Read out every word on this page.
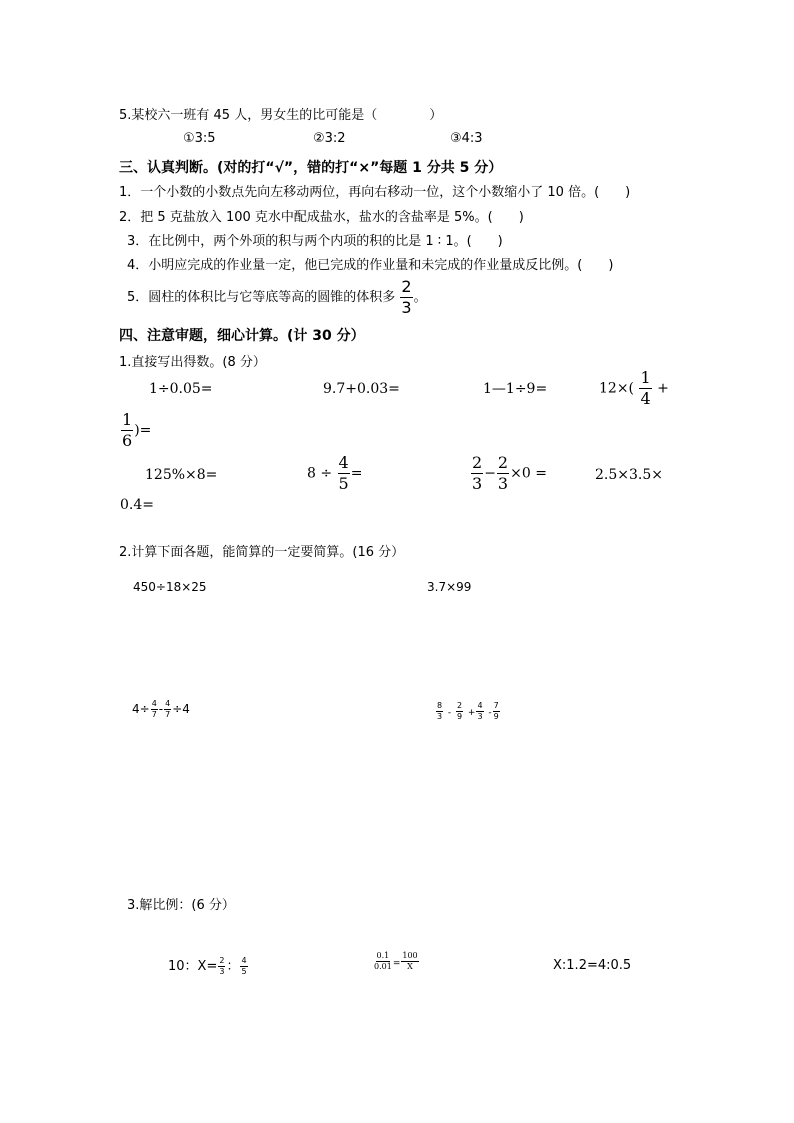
5.某校六一班有 45 人，男女生的比可能是（　　　　）
①3:5	②3:2	③4:3
三、认真判断。(对的打“√”，错的打“×”每题 1 分共 5 分）
1．一个小数的小数点先向左移动两位，再向右移动一位，这个小数缩小了 10 倍。(　　)
2．把 5 克盐放入 100 克水中配成盐水，盐水的含盐率是 5%。(　　)
3．在比例中，两个外项的积与两个内项的积的比是 1 ∶ 1。(　　)
4．小明应完成的作业量一定，他已完成的作业量和未完成的作业量成反比例。(　　)
5．圆柱的体积比与它等底等高的圆锥的体积多 $\frac{2}{3}$ 。
四、注意审题，细心计算。(计 30 分）
1.直接写出得数。(8 分）
1÷0.05=	9.7+0.03=	1—1÷9=	$12\times( \frac{1}{4}$ +
$\frac{1}{6}$ )=
125%×8=	$8 \div \frac{4}{5}$ =	$\frac{2}{3} - \frac{2}{3} \times 0$ =	2.5×3.5×
0.4=
2.计算下面各题，能简算的一定要简算。(16 分）
450÷18×25	3.7×99
$4\div \frac{4}{7} - \frac{4}{7} \div 4$	$\frac{8}{3} - \frac{2}{9} + \frac{4}{3} - \frac{7}{9}$
3.解比例：(6 分）
10：$X= \frac{2}{3}$ ： $\frac{4}{5}$	$\frac{0.1}{0.01} = \frac{100}{X}$	X:1.2=4:0.5
